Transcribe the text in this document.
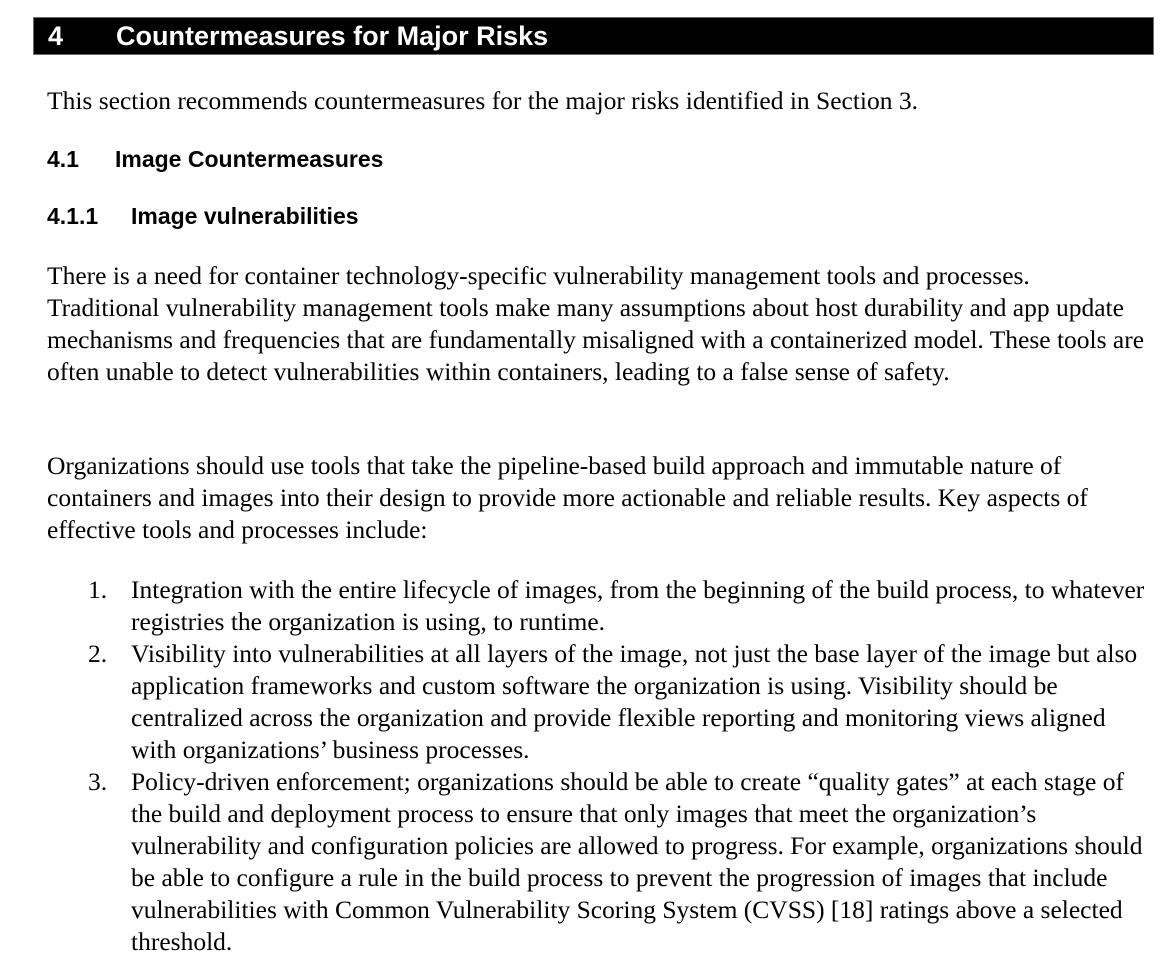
4 Countermeasures for Major Risks

This section recommends countermeasures for the major risks identified in Section 3.

4.1 Image Countermeasures
4.1.1 Image vulnerabilities

There is a need for container technology-specific vulnerability management tools and processes. Traditional vulnerability management tools make many assumptions about host durability and app update mechanisms and frequencies that are fundamentally misaligned with a containerized model. These tools are often unable to detect vulnerabilities within containers, leading to a false sense of safety.

Organizations should use tools that take the pipeline-based build approach and immutable nature of containers and images into their design to provide more actionable and reliable results. Key aspects of effective tools and processes include:

1. Integration with the entire lifecycle of images, from the beginning of the build process, to whatever registries the organization is using, to runtime.
2. Visibility into vulnerabilities at all layers of the image, not just the base layer of the image but also application frameworks and custom software the organization is using. Visibility should be centralized across the organization and provide flexible reporting and monitoring views aligned with organizations’ business processes.
3. Policy-driven enforcement; organizations should be able to create “quality gates” at each stage of the build and deployment process to ensure that only images that meet the organization’s vulnerability and configuration policies are allowed to progress. For example, organizations should be able to configure a rule in the build process to prevent the progression of images that include vulnerabilities with Common Vulnerability Scoring System (CVSS) [18] ratings above a selected threshold.
